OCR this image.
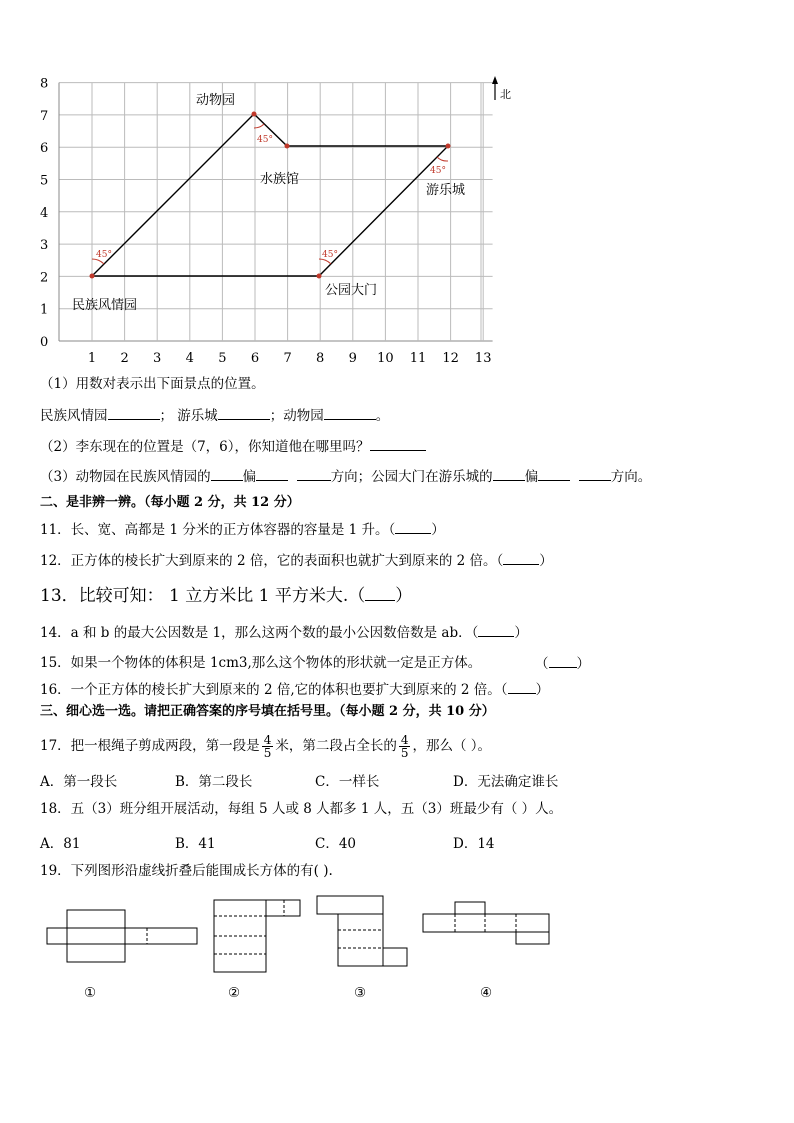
0
1
2
3
4
5
6
7
8
1 2 3 4 5 6 7 8 9 10 11 12 13
北
45°	45°
45°
45°
动物园
水族馆
游乐城
民族风情园
公园大门
（1）用数对表示出下面景点的位置。
民族风情园	； 游乐城	；动物园	。
（2）李东现在的位置是（7，6），你知道他在哪里吗？
（3）动物园在民族风情园的 偏	方向；公园大门在游乐城的 偏	方向。
二、是非辨一辨。（每小题 2 分，共 12 分）
11．长、宽、高都是 1 分米的正方体容器的容量是 1 升。（	）
12．正方体的棱长扩大到原来的 2 倍，它的表面积也就扩大到原来的 2 倍。（	）
13．比较可知： 1 立方米比 1 平方米大.（ ）
14．a 和 b 的最大公因数是 1，那么这两个数的最小公因数倍数是 ab．（	）
15．如果一个物体的体积是 1cm3,那么这个物体的形状就一定是正方体。	（ ）
16．一个正方体的棱长扩大到原来的 2 倍,它的体积也要扩大到原来的 2 倍。（ ）
三、细心选一选。请把正确答案的序号填在括号里。（每小题 2 分，共 10 分）
17．把一根绳子剪成两段，第一段是 $\frac{4}{5}$ 米，第二段占全长的 $\frac{4}{5}$ ，那么（ ）。
A．第一段长	B．第二段长	C．一样长	D．无法确定谁长
18．五（3）班分组开展活动，每组 5 人或 8 人都多 1 人，五（3）班最少有（ ）人。
A．81	B．41	C．40	D．14
19．下列图形沿虚线折叠后能围成长方体的有( ).
①	②	③	④
